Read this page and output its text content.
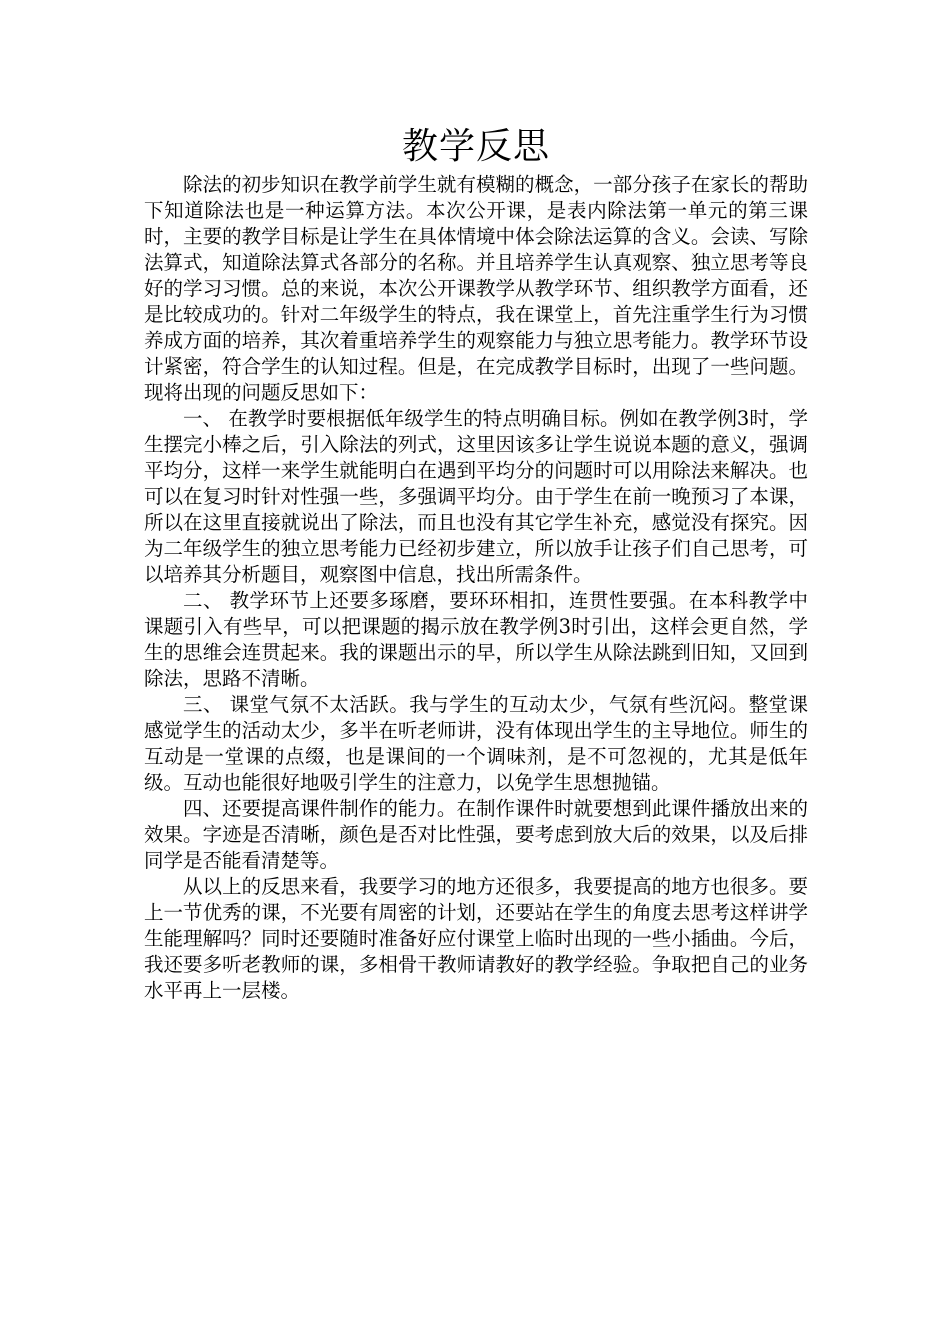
教学反思

除法的初步知识在教学前学生就有模糊的概念，一部分孩子在家长的帮助下知道除法也是一种运算方法。本次公开课，是表内除法第一单元的第三课时，主要的教学目标是让学生在具体情境中体会除法运算的含义。会读、写除法算式，知道除法算式各部分的名称。并且培养学生认真观察、独立思考等良好的学习习惯。总的来说，本次公开课教学从教学环节、组织教学方面看，还是比较成功的。针对二年级学生的特点，我在课堂上，首先注重学生行为习惯养成方面的培养，其次着重培养学生的观察能力与独立思考能力。教学环节设计紧密，符合学生的认知过程。但是，在完成教学目标时，出现了一些问题。现将出现的问题反思如下：

一、 在教学时要根据低年级学生的特点明确目标。例如在教学例3时，学生摆完小棒之后，引入除法的列式，这里因该多让学生说说本题的意义，强调平均分，这样一来学生就能明白在遇到平均分的问题时可以用除法来解决。也可以在复习时针对性强一些，多强调平均分。由于学生在前一晚预习了本课，所以在这里直接就说出了除法，而且也没有其它学生补充，感觉没有探究。因为二年级学生的独立思考能力已经初步建立，所以放手让孩子们自己思考，可以培养其分析题目，观察图中信息，找出所需条件。

二、 教学环节上还要多琢磨，要环环相扣，连贯性要强。在本科教学中课题引入有些早，可以把课题的揭示放在教学例3时引出，这样会更自然，学生的思维会连贯起来。我的课题出示的早，所以学生从除法跳到旧知，又回到除法，思路不清晰。

三、 课堂气氛不太活跃。我与学生的互动太少，气氛有些沉闷。整堂课感觉学生的活动太少，多半在听老师讲，没有体现出学生的主导地位。师生的互动是一堂课的点缀，也是课间的一个调味剂，是不可忽视的，尤其是低年级。互动也能很好地吸引学生的注意力，以免学生思想抛锚。

四、还要提高课件制作的能力。在制作课件时就要想到此课件播放出来的效果。字迹是否清晰，颜色是否对比性强，要考虑到放大后的效果，以及后排同学是否能看清楚等。

从以上的反思来看，我要学习的地方还很多，我要提高的地方也很多。要上一节优秀的课，不光要有周密的计划，还要站在学生的角度去思考这样讲学生能理解吗？同时还要随时准备好应付课堂上临时出现的一些小插曲。今后，我还要多听老教师的课，多相骨干教师请教好的教学经验。争取把自己的业务水平再上一层楼。
